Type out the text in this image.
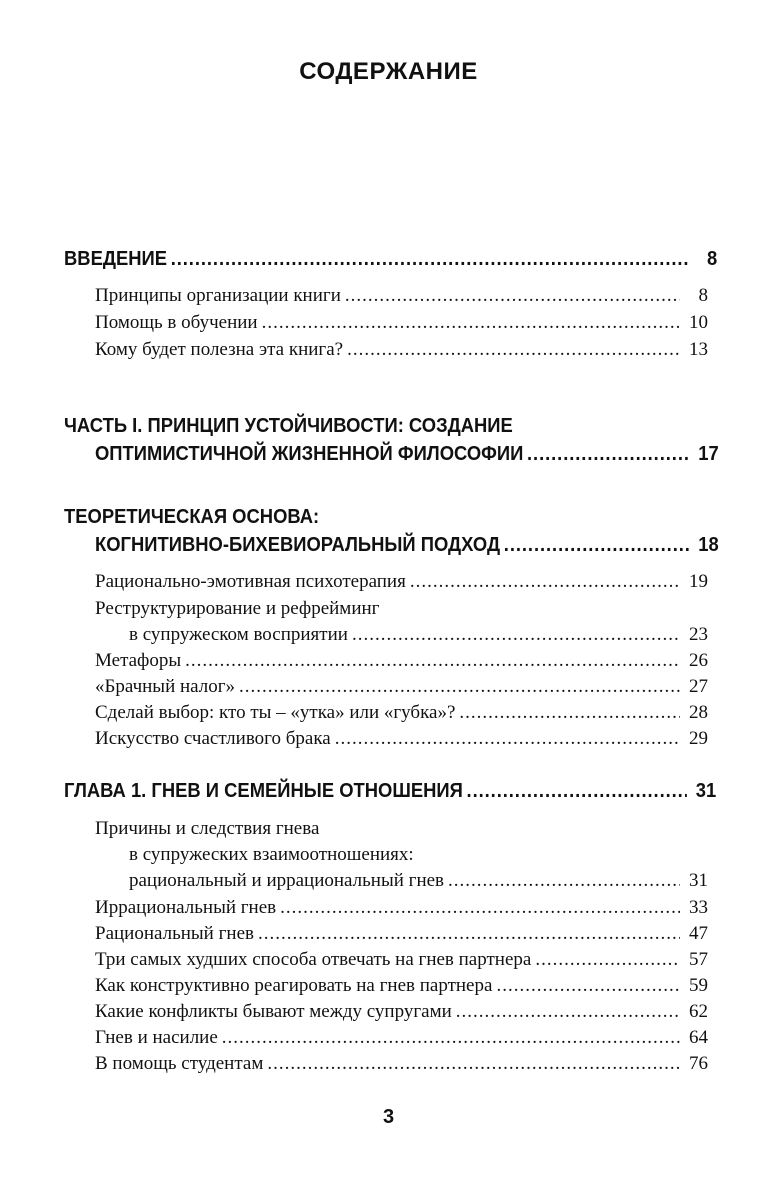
СОДЕРЖАНИЕ
ВВЕДЕНИЕ .....	8
Принципы организации книги .....	8
Помощь в обучении .....	10
Кому будет полезна эта книга? .....	13
ЧАСТЬ I. ПРИНЦИП УСТОЙЧИВОСТИ: СОЗДАНИЕ
ОПТИМИСТИЧНОЙ ЖИЗНЕННОЙ ФИЛОСОФИИ .....	17
ТЕОРЕТИЧЕСКАЯ ОСНОВА:
КОГНИТИВНО-БИХЕВИОРАЛЬНЫЙ ПОДХОД .....	18
Рационально-эмотивная психотерапия .....	19
Реструктурирование и рефрейминг
в супружеском восприятии .....	23
Метафоры .....	26
«Брачный налог» .....	27
Сделай выбор: кто ты – «утка» или «губка»? .....	28
Искусство счастливого брака .....	29
ГЛАВА 1. ГНЕВ И СЕМЕЙНЫЕ ОТНОШЕНИЯ .....	31
Причины и следствия гнева
в супружеских взаимоотношениях:
рациональный и иррациональный гнев .....	31
Иррациональный гнев .....	33
Рациональный гнев .....	47
Три самых худших способа отвечать на гнев партнера .....	57
Как конструктивно реагировать на гнев партнера .....	59
Какие конфликты бывают между супругами .....	62
Гнев и насилие .....	64
В помощь студентам .....	76
3
